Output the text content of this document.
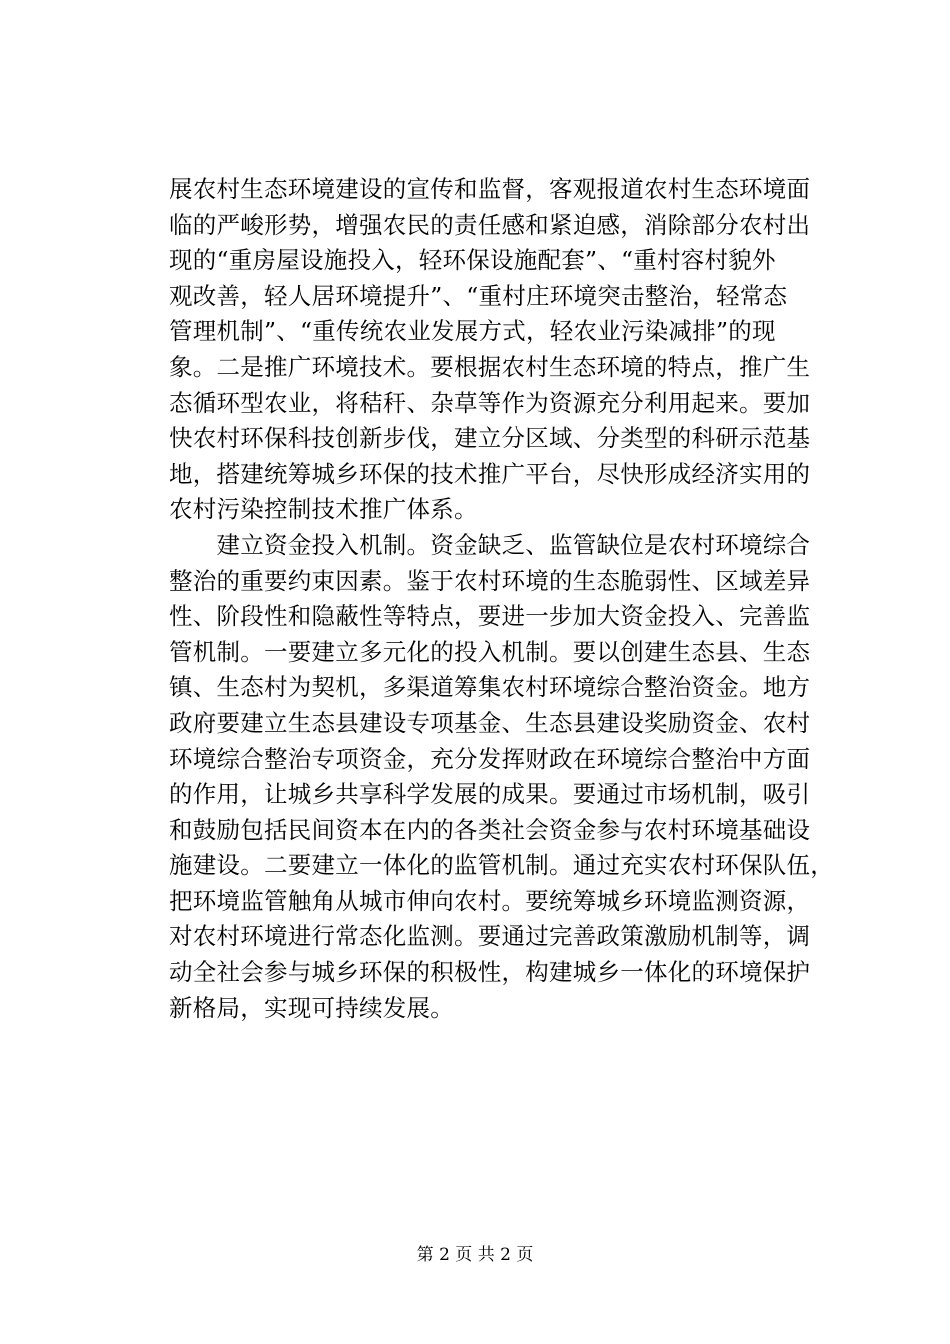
展农村生态环境建设的宣传和监督，客观报道农村生态环境面
临的严峻形势，增强农民的责任感和紧迫感，消除部分农村出
现的“重房屋设施投入，轻环保设施配套”、“重村容村貌外
观改善，轻人居环境提升”、“重村庄环境突击整治，轻常态
管理机制”、“重传统农业发展方式，轻农业污染减排”的现
象。二是推广环境技术。要根据农村生态环境的特点，推广生
态循环型农业，将秸秆、杂草等作为资源充分利用起来。要加
快农村环保科技创新步伐，建立分区域、分类型的科研示范基
地，搭建统筹城乡环保的技术推广平台，尽快形成经济实用的
农村污染控制技术推广体系。
　　建立资金投入机制。资金缺乏、监管缺位是农村环境综合
整治的重要约束因素。鉴于农村环境的生态脆弱性、区域差异
性、阶段性和隐蔽性等特点，要进一步加大资金投入、完善监
管机制。一要建立多元化的投入机制。要以创建生态县、生态
镇、生态村为契机，多渠道筹集农村环境综合整治资金。地方
政府要建立生态县建设专项基金、生态县建设奖励资金、农村
环境综合整治专项资金，充分发挥财政在环境综合整治中方面
的作用，让城乡共享科学发展的成果。要通过市场机制，吸引
和鼓励包括民间资本在内的各类社会资金参与农村环境基础设
施建设。二要建立一体化的监管机制。通过充实农村环保队伍，
把环境监管触角从城市伸向农村。要统筹城乡环境监测资源，
对农村环境进行常态化监测。要通过完善政策激励机制等，调
动全社会参与城乡环保的积极性，构建城乡一体化的环境保护
新格局，实现可持续发展。
第 2 页 共 2 页
